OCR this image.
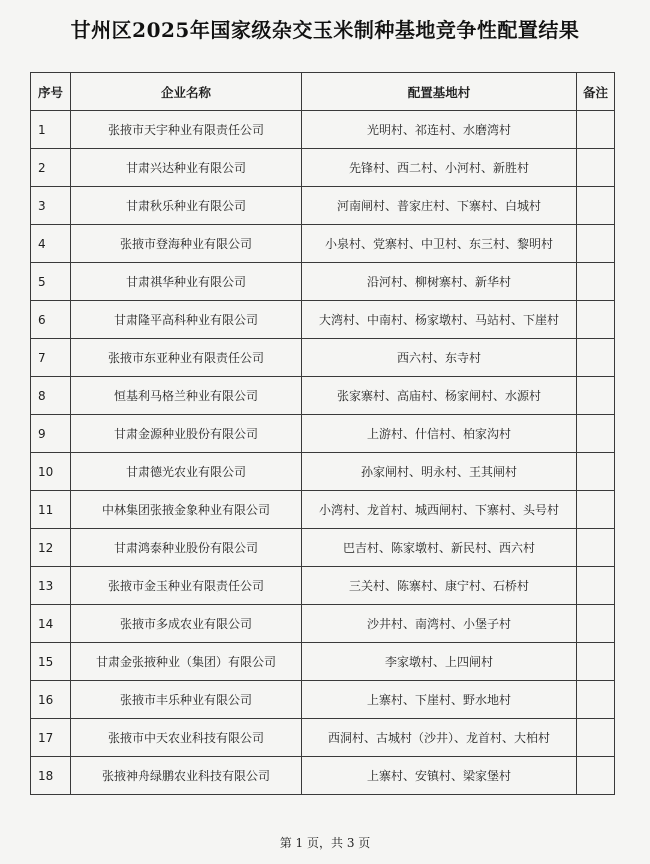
甘州区2025年国家级杂交玉米制种基地竞争性配置结果
序号	企业名称	配置基地村	备注
1	张掖市天宇种业有限责任公司	光明村、祁连村、水磨湾村	
2	甘肃兴达种业有限公司	先锋村、西二村、小河村、新胜村	
3	甘肃秋乐种业有限公司	河南闸村、普家庄村、下寨村、白城村	
4	张掖市登海种业有限公司	小泉村、党寨村、中卫村、东三村、黎明村	
5	甘肃祺华种业有限公司	沿河村、柳树寨村、新华村	
6	甘肃隆平高科种业有限公司	大湾村、中南村、杨家墩村、马站村、下崖村	
7	张掖市东亚种业有限责任公司	西六村、东寺村	
8	恒基利马格兰种业有限公司	张家寨村、高庙村、杨家闸村、水源村	
9	甘肃金源种业股份有限公司	上游村、什信村、柏家沟村	
10	甘肃德光农业有限公司	孙家闸村、明永村、王其闸村	
11	中林集团张掖金象种业有限公司	小湾村、龙首村、城西闸村、下寨村、头号村	
12	甘肃鸿泰种业股份有限公司	巴吉村、陈家墩村、新民村、西六村	
13	张掖市金玉种业有限责任公司	三关村、陈寨村、康宁村、石桥村	
14	张掖市多成农业有限公司	沙井村、南湾村、小堡子村	
15	甘肃金张掖种业（集团）有限公司	李家墩村、上四闸村	
16	张掖市丰乐种业有限公司	上寨村、下崖村、野水地村	
17	张掖市中天农业科技有限公司	西洞村、古城村（沙井）、龙首村、大柏村	
18	张掖神舟绿鹏农业科技有限公司	上寨村、安镇村、梁家堡村	
第 1 页，共 3 页
